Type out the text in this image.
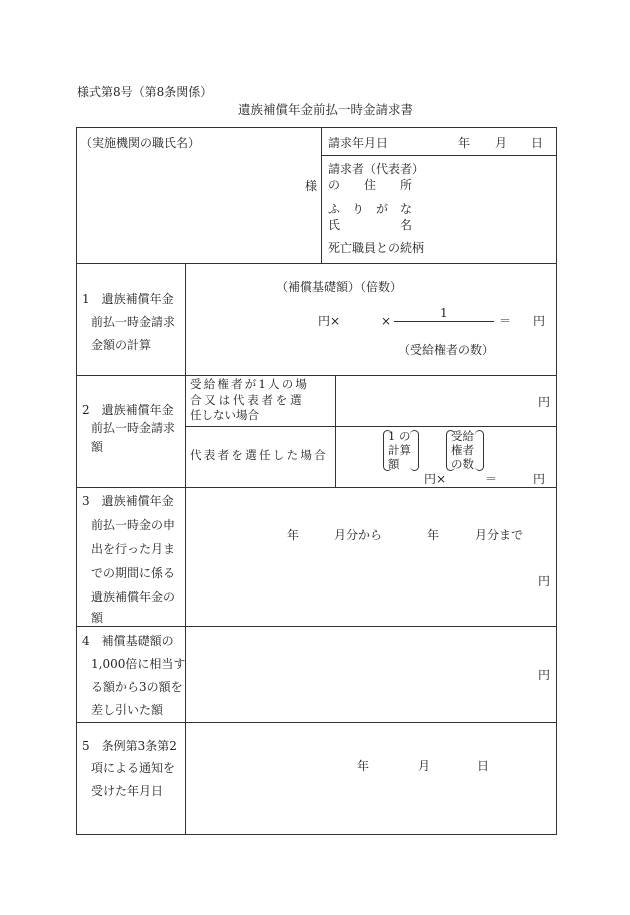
様式第8号（第8条関係）
遺族補償年金前払一時金請求書
（実施機関の職氏名）
様
請求年月日	年 月 日
請求者（代表者）
の　　住　　所
ふ　り　が　な
氏　　　　　名
死亡職員との続柄
1　遺族補償年金
前払一時金請求
金額の計算
（補償基礎額）（倍数）
円×	×
1
＝ 円
（受給権者の数）
2　遺族補償年金
前払一時金請求
額
受給権者が1人の場
合又は代表者を選
任しない場合
円
代表者を選任した場合
1 の
計算
額
受給
権者
の数
円×	＝	円
3　遺族補償年金
前払一時金の申
出を行った月ま
での期間に係る
遺族補償年金の
額
年	月分から	年	月分まで
円
4　補償基礎額の
1,000倍に相当す
る額から3の額を
差し引いた額
円
5　条例第3条第2
項による通知を
受けた年月日
年	月	日
